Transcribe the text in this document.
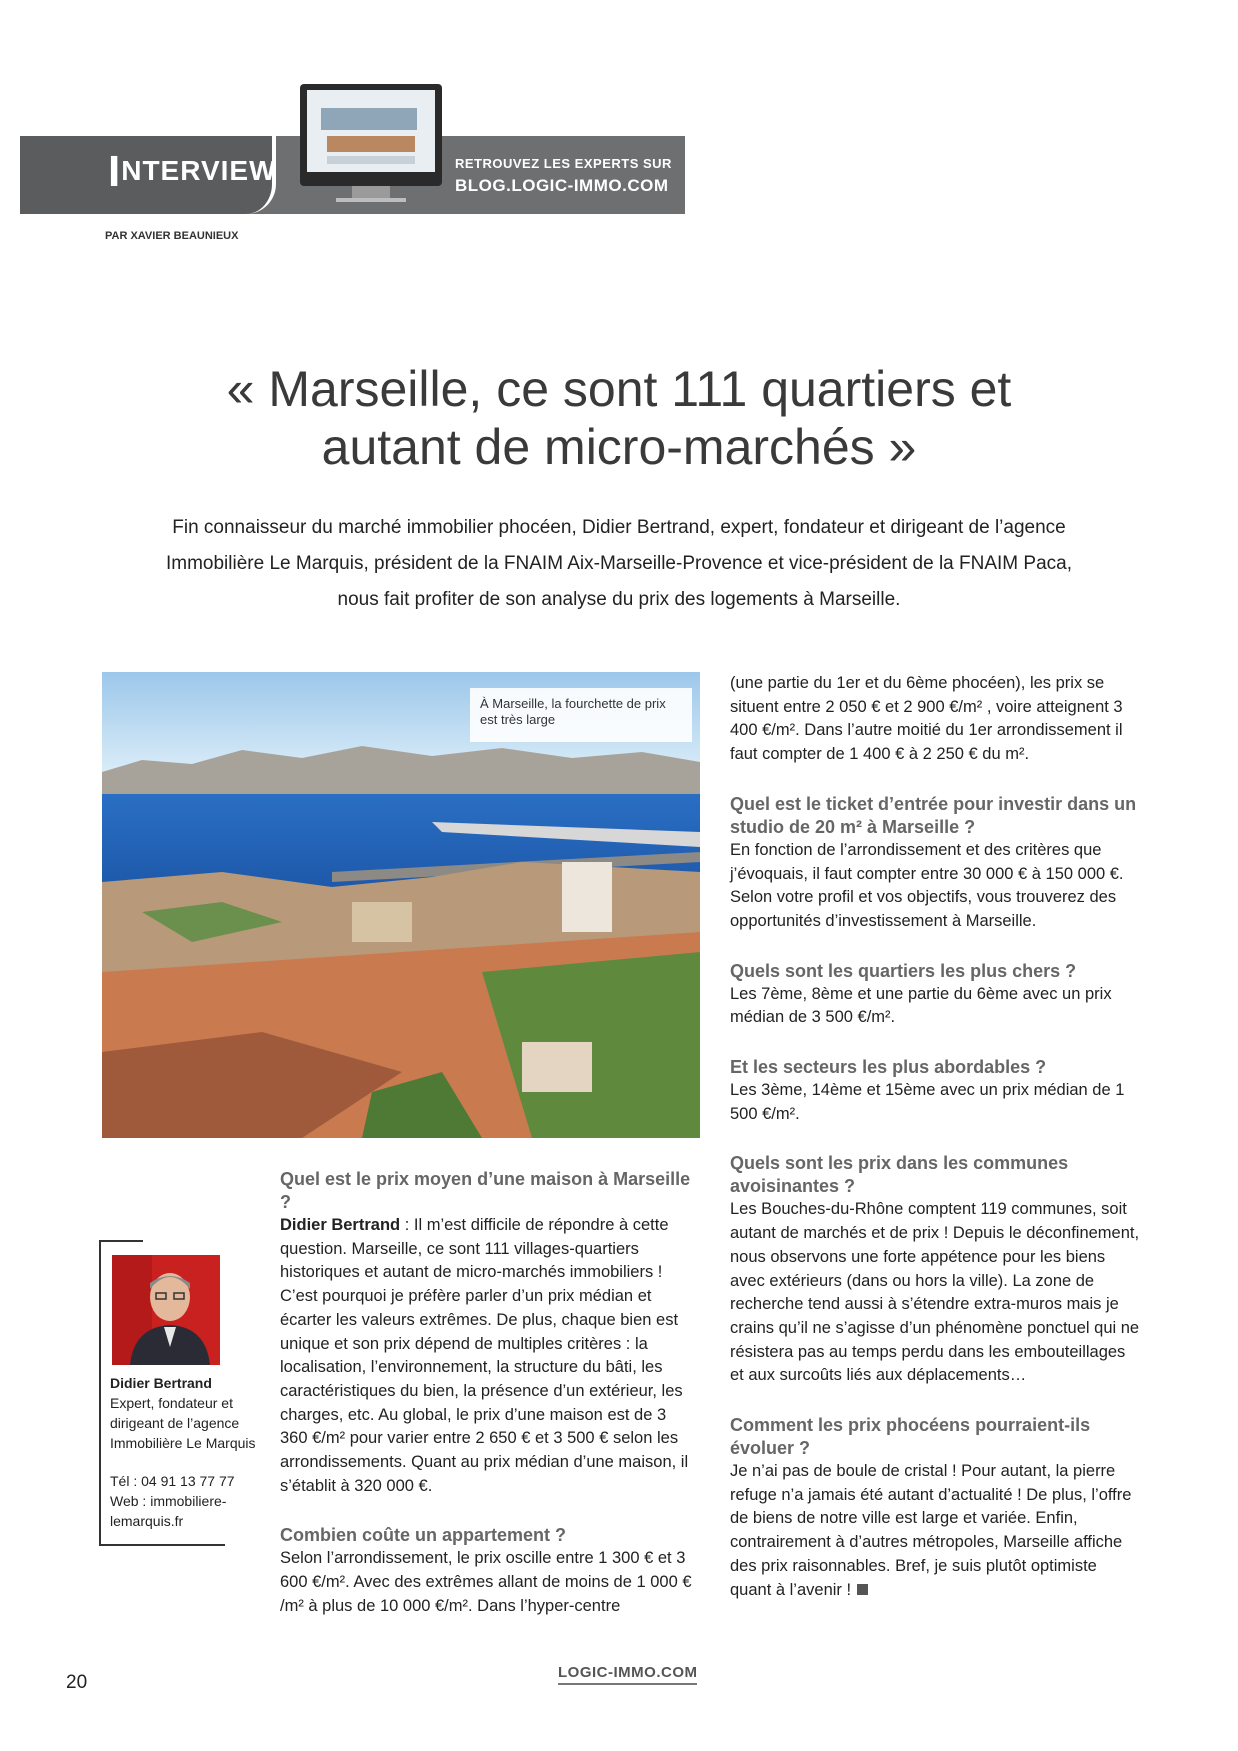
INTERVIEW	RETROUVEZ LES EXPERTS SUR
BLOG.LOGIC-IMMO.COM
PAR XAVIER BEAUNIEUX
« Marseille, ce sont 111 quartiers et
autant de micro-marchés »
Fin connaisseur du marché immobilier phocéen, Didier Bertrand, expert, fondateur et dirigeant de l’agence
Immobilière Le Marquis, président de la FNAIM Aix-Marseille-Provence et vice-président de la FNAIM Paca,
nous fait profiter de son analyse du prix des logements à Marseille.
À Marseille, la fourchette de prix est très large

Quel est le prix moyen d’une maison à Marseille ?

Didier Bertrand : Il m’est difficile de répondre à cette question. Marseille, ce sont 111 villages-quartiers historiques et autant de micro-marchés immobiliers ! C’est pourquoi je préfère parler d’un prix médian et écarter les valeurs extrêmes. De plus, chaque bien est unique et son prix dépend de multiples critères : la localisation, l’environnement, la structure du bâti, les caractéristiques du bien, la présence d’un extérieur, les charges, etc. Au global, le prix d’une maison est de 3 360 €/m² pour varier entre 2 650 € et 3 500 € selon les arrondissements. Quant au prix médian d’une maison, il s’établit à 320 000 €.

Combien coûte un appartement ?

Selon l’arrondissement, le prix oscille entre 1 300 € et 3 600 €/m². Avec des extrêmes allant de moins de 1 000 € /m² à plus de 10 000 €/m². Dans l’hyper-centre

(une partie du 1er et du 6ème phocéen), les prix se situent entre 2 050 € et 2 900 €/m² , voire atteignent 3 400 €/m². Dans l’autre moitié du 1er arrondissement il faut compter de 1 400 € à 2 250 € du m².

Quel est le ticket d’entrée pour investir dans un studio de 20 m² à Marseille ?

En fonction de l’arrondissement et des critères que j’évoquais, il faut compter entre 30 000 € à 150 000 €. Selon votre profil et vos objectifs, vous trouverez des opportunités d’investissement à Marseille.

Quels sont les quartiers les plus chers ?

Les 7ème, 8ème et une partie du 6ème avec un prix médian de 3 500 €/m².

Et les secteurs les plus abordables ?

Les 3ème, 14ème et 15ème avec un prix médian de 1 500 €/m².

Quels sont les prix dans les communes avoisinantes ?

Les Bouches-du-Rhône comptent 119 communes, soit autant de marchés et de prix ! Depuis le déconfinement, nous observons une forte appétence pour les biens avec extérieurs (dans ou hors la ville). La zone de recherche tend aussi à s’étendre extra-muros mais je crains qu’il ne s’agisse d’un phénomène ponctuel qui ne résistera pas au temps perdu dans les embouteillages et aux surcoûts liés aux déplacements…

Comment les prix phocéens pourraient-ils évoluer ?

Je n’ai pas de boule de cristal ! Pour autant, la pierre refuge n’a jamais été autant d’actualité ! De plus, l’offre de biens de notre ville est large et variée. Enfin, contrairement à d’autres métropoles, Marseille affiche des prix raisonnables. Bref, je suis plutôt optimiste quant à l’avenir !

Didier Bertrand
Expert, fondateur et dirigeant de l’agence Immobilière Le Marquis
Tél : 04 91 13 77 77
Web : immobiliere-lemarquis.fr
20	LOGIC-IMMO.COM
